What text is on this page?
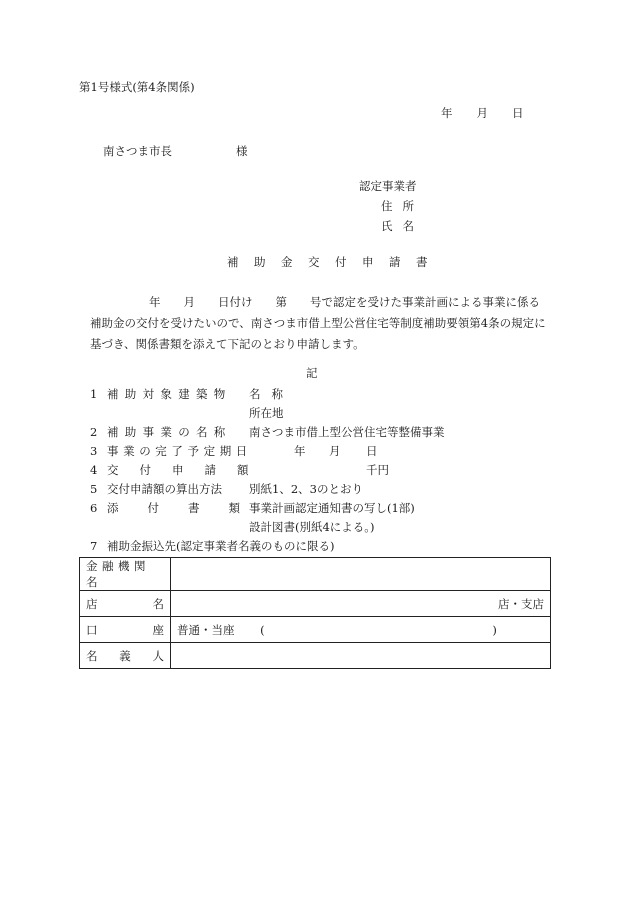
第1号様式(第4条関係)
年 月 日
南さつま市長	様
認定事業者
住所
氏名
補助金交付申請書
年　　月　　日付け　　第　　号で認定を受けた事業計画による事業に係る
補助金の交付を受けたいので、南さつま市借上型公営住宅等制度補助要領第4条の規定に
基づき、関係書類を添えて下記のとおり申請します。
記
1 補助対象建築物 名称
所在地
2 補助事業の名称 南さつま市借上型公営住宅等整備事業
3 事業の完了予定期日	年 月 日
4 交付申請額	千円
5 交付申請額の算出方法 別紙1、2、3のとおり
6 添付書類
事業計画認定通知書の写し(1部)
設計図書(別紙4による。)
7 補助金振込先(認定事業者名義のものに限る)
金融機関名	

店 名	店・支店

口 座	普通・当座 ( )

名 義 人	
